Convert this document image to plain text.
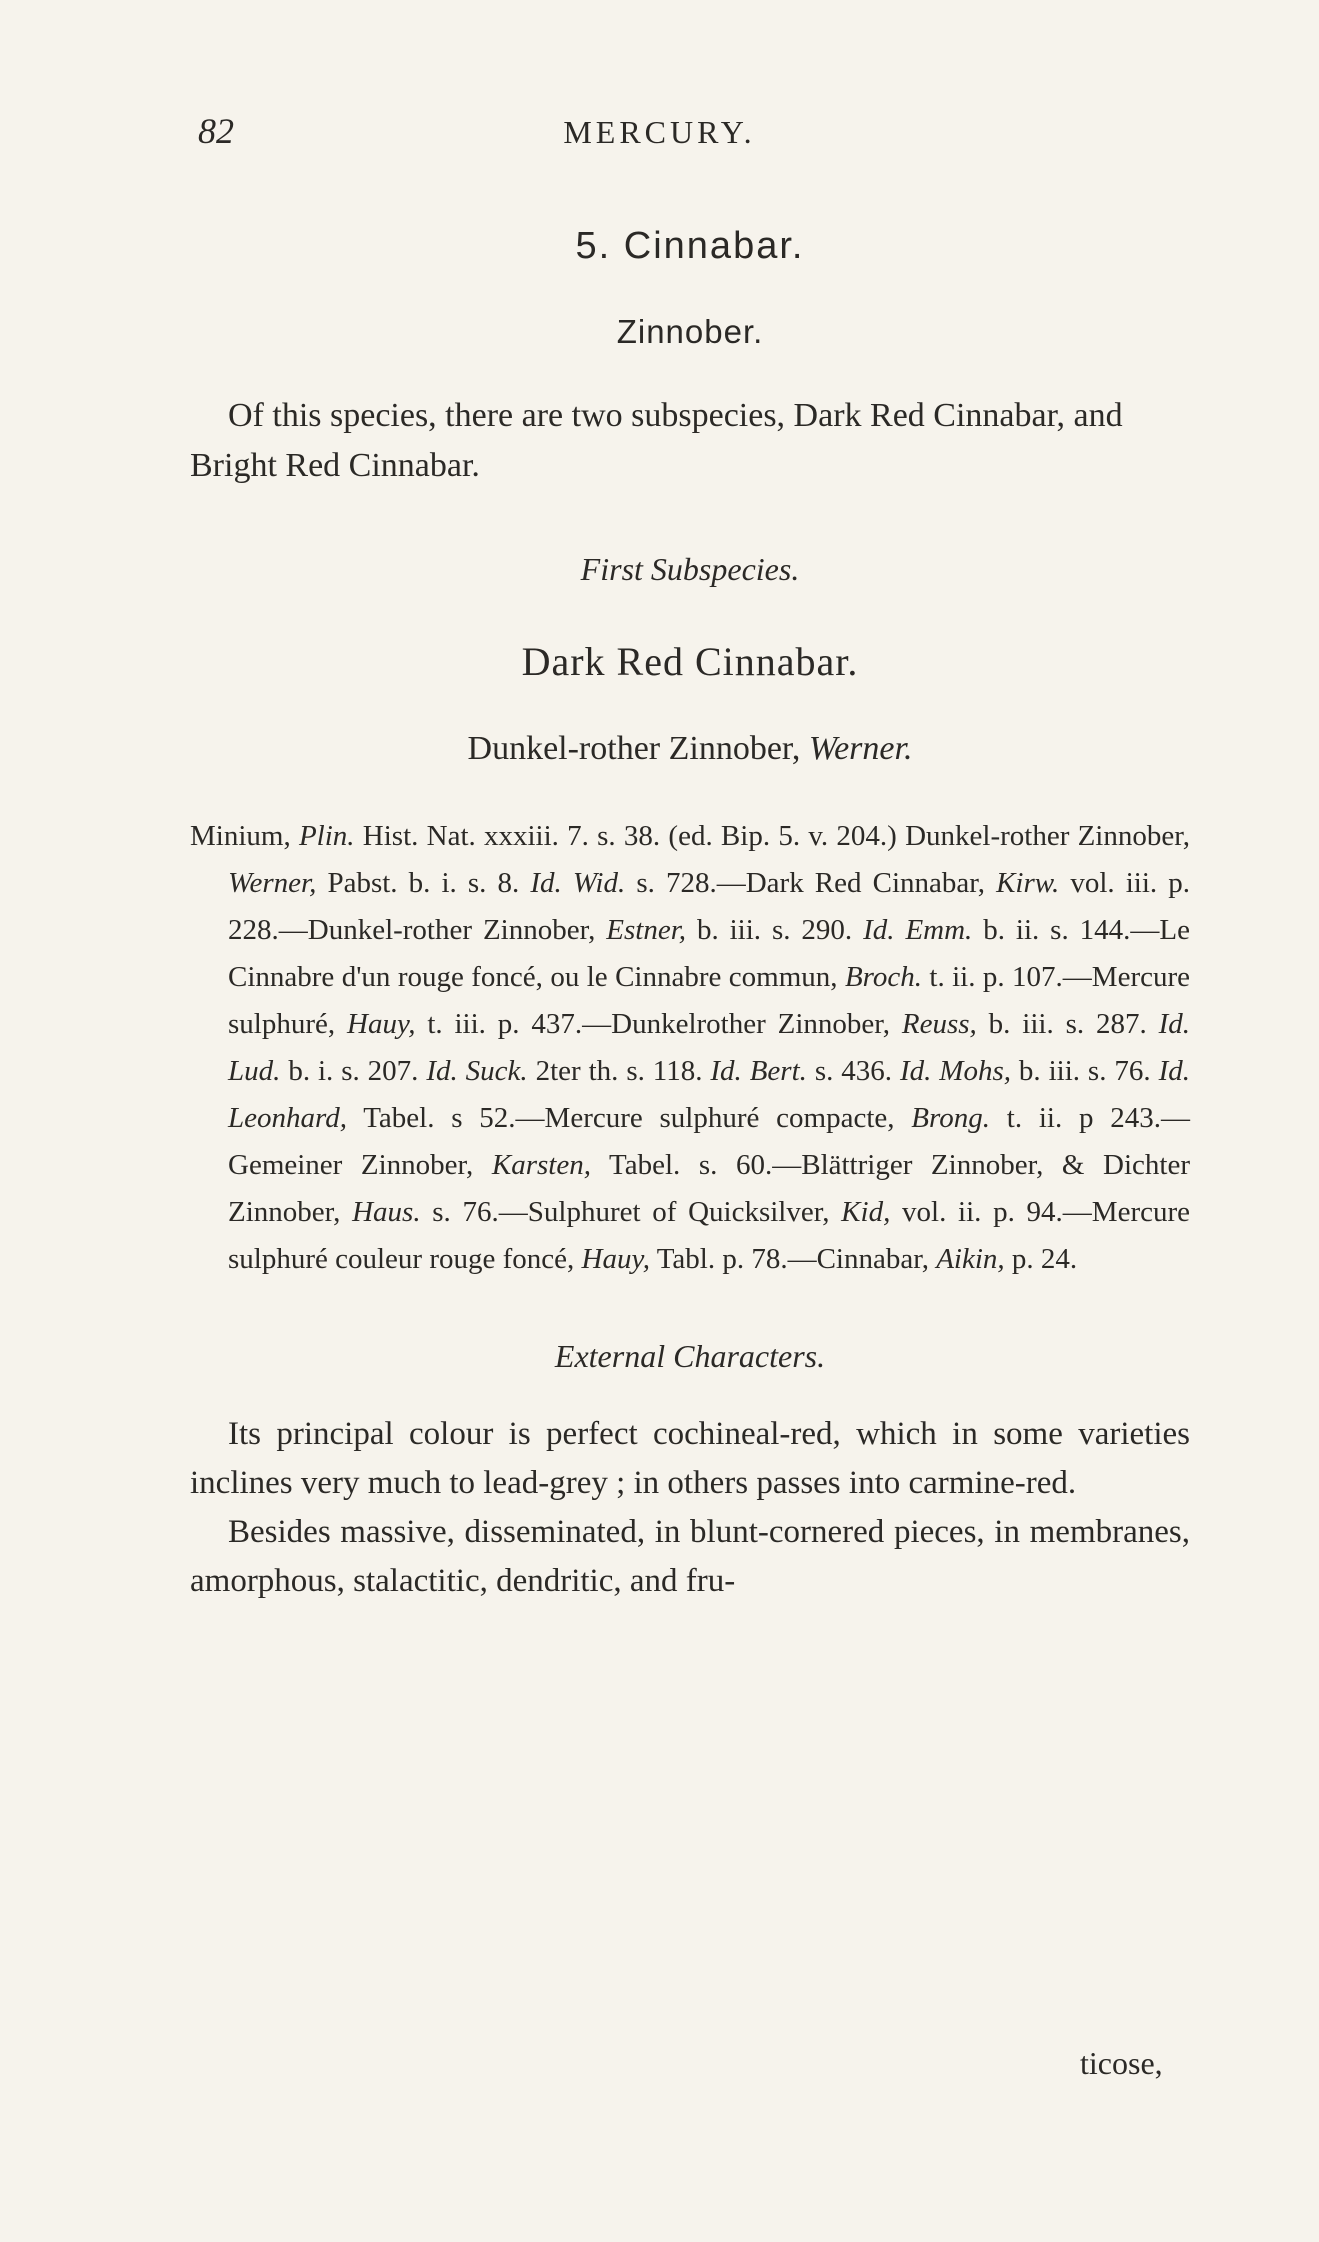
82	MERCURY.
5. Cinnabar.
Zinnober.

Of this species, there are two subspecies, Dark Red Cinnabar, and Bright Red Cinnabar.

First Subspecies.
Dark Red Cinnabar.
Dunkel-rother Zinnober, Werner.

Minium, Plin. Hist. Nat. xxxiii. 7. s. 38. (ed. Bip. 5. v. 204.) Dunkel-rother Zinnober, Werner, Pabst. b. i. s. 8. Id. Wid. s. 728.—Dark Red Cinnabar, Kirw. vol. iii. p. 228.—Dunkel-rother Zinnober, Estner, b. iii. s. 290. Id. Emm. b. ii. s. 144.—Le Cinnabre d'un rouge foncé, ou le Cinnabre commun, Broch. t. ii. p. 107.—Mercure sulphuré, Hauy, t. iii. p. 437.—Dunkelrother Zinnober, Reuss, b. iii. s. 287. Id. Lud. b. i. s. 207. Id. Suck. 2ter th. s. 118. Id. Bert. s. 436. Id. Mohs, b. iii. s. 76. Id. Leonhard, Tabel. s 52.—Mercure sulphuré compacte, Brong. t. ii. p 243.—Gemeiner Zinnober, Karsten, Tabel. s. 60.—Blättriger Zinnober, & Dichter Zinnober, Haus. s. 76.—Sulphuret of Quicksilver, Kid, vol. ii. p. 94.—Mercure sulphuré couleur rouge foncé, Hauy, Tabl. p. 78.—Cinnabar, Aikin, p. 24.

External Characters.

Its principal colour is perfect cochineal-red, which in some varieties inclines very much to lead-grey ; in others passes into carmine-red.

Besides massive, disseminated, in blunt-cornered pieces, in membranes, amorphous, stalactitic, dendritic, and fru-

ticose,
